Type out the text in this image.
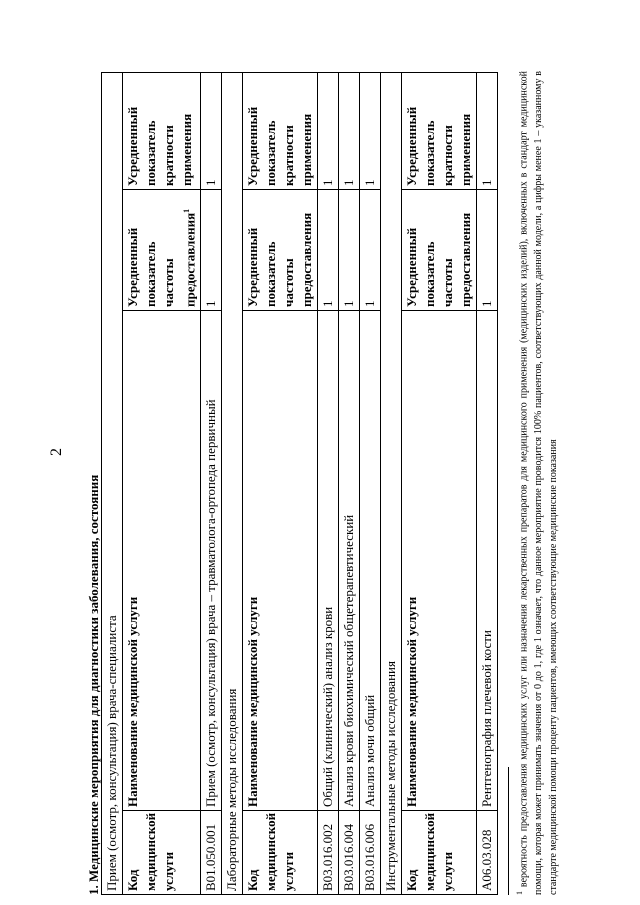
2
1. Медицинские мероприятия для диагностики заболевания, состояния Прием (осмотр, консультация) врача-специалиста			
Код медицинской услуги	Наименование медицинской услуги	Усредненный показатель частоты предоставления$^1$	Усредненный показатель кратности применения
В01.050.001	Прием (осмотр, консультация) врача – травматолога-ортопеда первичный	1	1
Лабораторные методы исследования			
Код медицинской услуги	Наименование медицинской услуги	Усредненный показатель частоты предоставления	Усредненный показатель кратности применения
В03.016.002	Общий (клинический) анализ крови	1	1
В03.016.004	Анализ крови биохимический общетерапевтический	1	1
В03.016.006	Анализ мочи общий	1	1
Инструментальные методы исследования			
Код медицинской услуги	Наименование медицинской услуги	Усредненный показатель частоты предоставления	Усредненный показатель кратности применения
А06.03.028	Рентгенография плечевой кости	1	1
$^1$ вероятность предоставления медицинских услуг или назначения лекарственных препаратов для медицинского применения (медицинских изделий), включенных в стандарт медицинской помощи, которая может принимать значения от 0 до 1, где 1 означает, что данное мероприятие проводится 100% пациентов, соответствующих данной модели, а цифры менее 1 – указанному в стандарте медицинской помощи проценту пациентов, имеющих соответствующие медицинские показания
